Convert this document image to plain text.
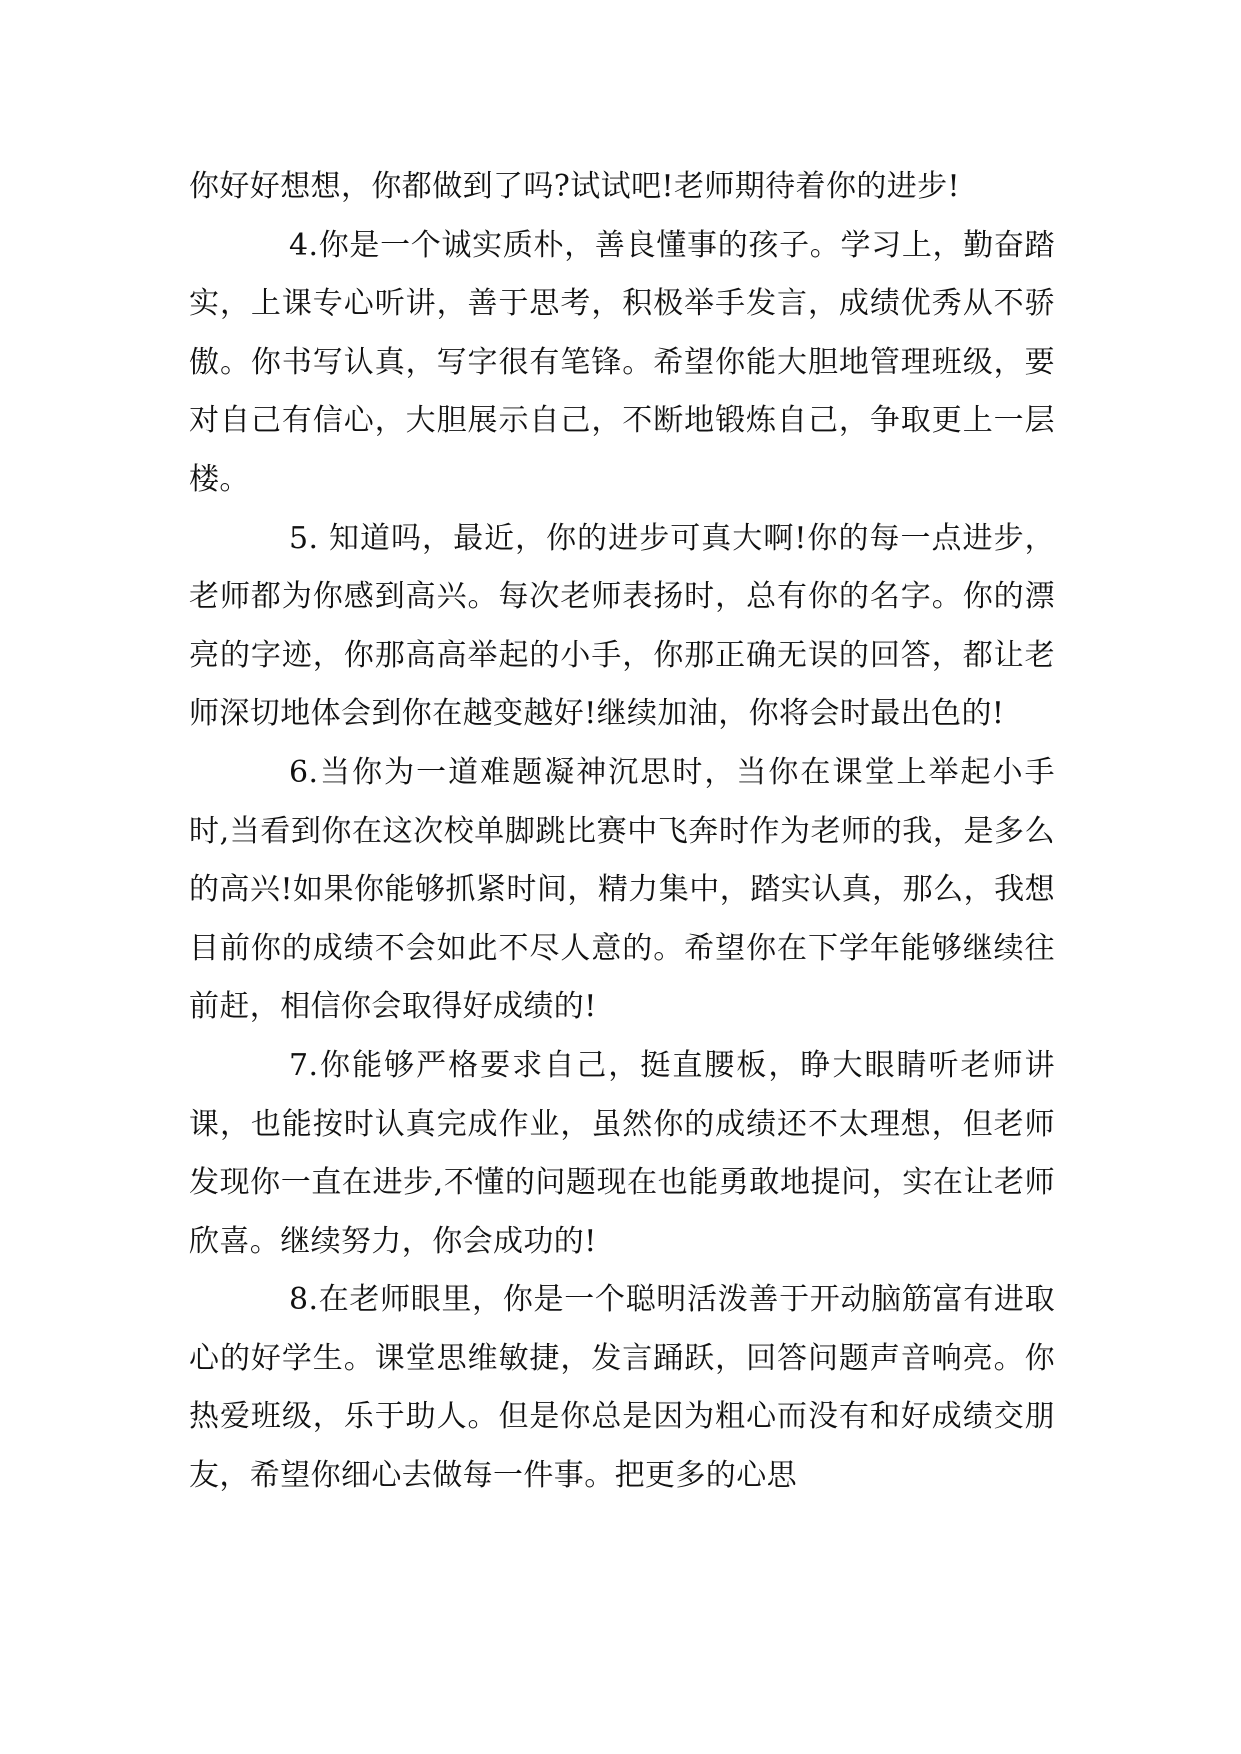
你好好想想，你都做到了吗?试试吧!老师期待着你的进步!

4.你是一个诚实质朴，善良懂事的孩子。学习上，勤奋踏实，上课专心听讲，善于思考，积极举手发言，成绩优秀从不骄傲。你书写认真，写字很有笔锋。希望你能大胆地管理班级，要对自己有信心，大胆展示自己，不断地锻炼自己，争取更上一层楼。

5. 知道吗，最近，你的进步可真大啊!你的每一点进步，老师都为你感到高兴。每次老师表扬时，总有你的名字。你的漂亮的字迹，你那高高举起的小手，你那正确无误的回答，都让老师深切地体会到你在越变越好!继续加油，你将会时最出色的!

6.当你为一道难题凝神沉思时，当你在课堂上举起小手时,当看到你在这次校单脚跳比赛中飞奔时作为老师的我，是多么的高兴!如果你能够抓紧时间，精力集中，踏实认真，那么，我想目前你的成绩不会如此不尽人意的。希望你在下学年能够继续往前赶，相信你会取得好成绩的!

7.你能够严格要求自己，挺直腰板，睁大眼睛听老师讲课，也能按时认真完成作业，虽然你的成绩还不太理想，但老师发现你一直在进步,不懂的问题现在也能勇敢地提问，实在让老师欣喜。继续努力，你会成功的!

8.在老师眼里，你是一个聪明活泼善于开动脑筋富有进取心的好学生。课堂思维敏捷，发言踊跃，回答问题声音响亮。你热爱班级，乐于助人。但是你总是因为粗心而没有和好成绩交朋友，希望你细心去做每一件事。把更多的心思
